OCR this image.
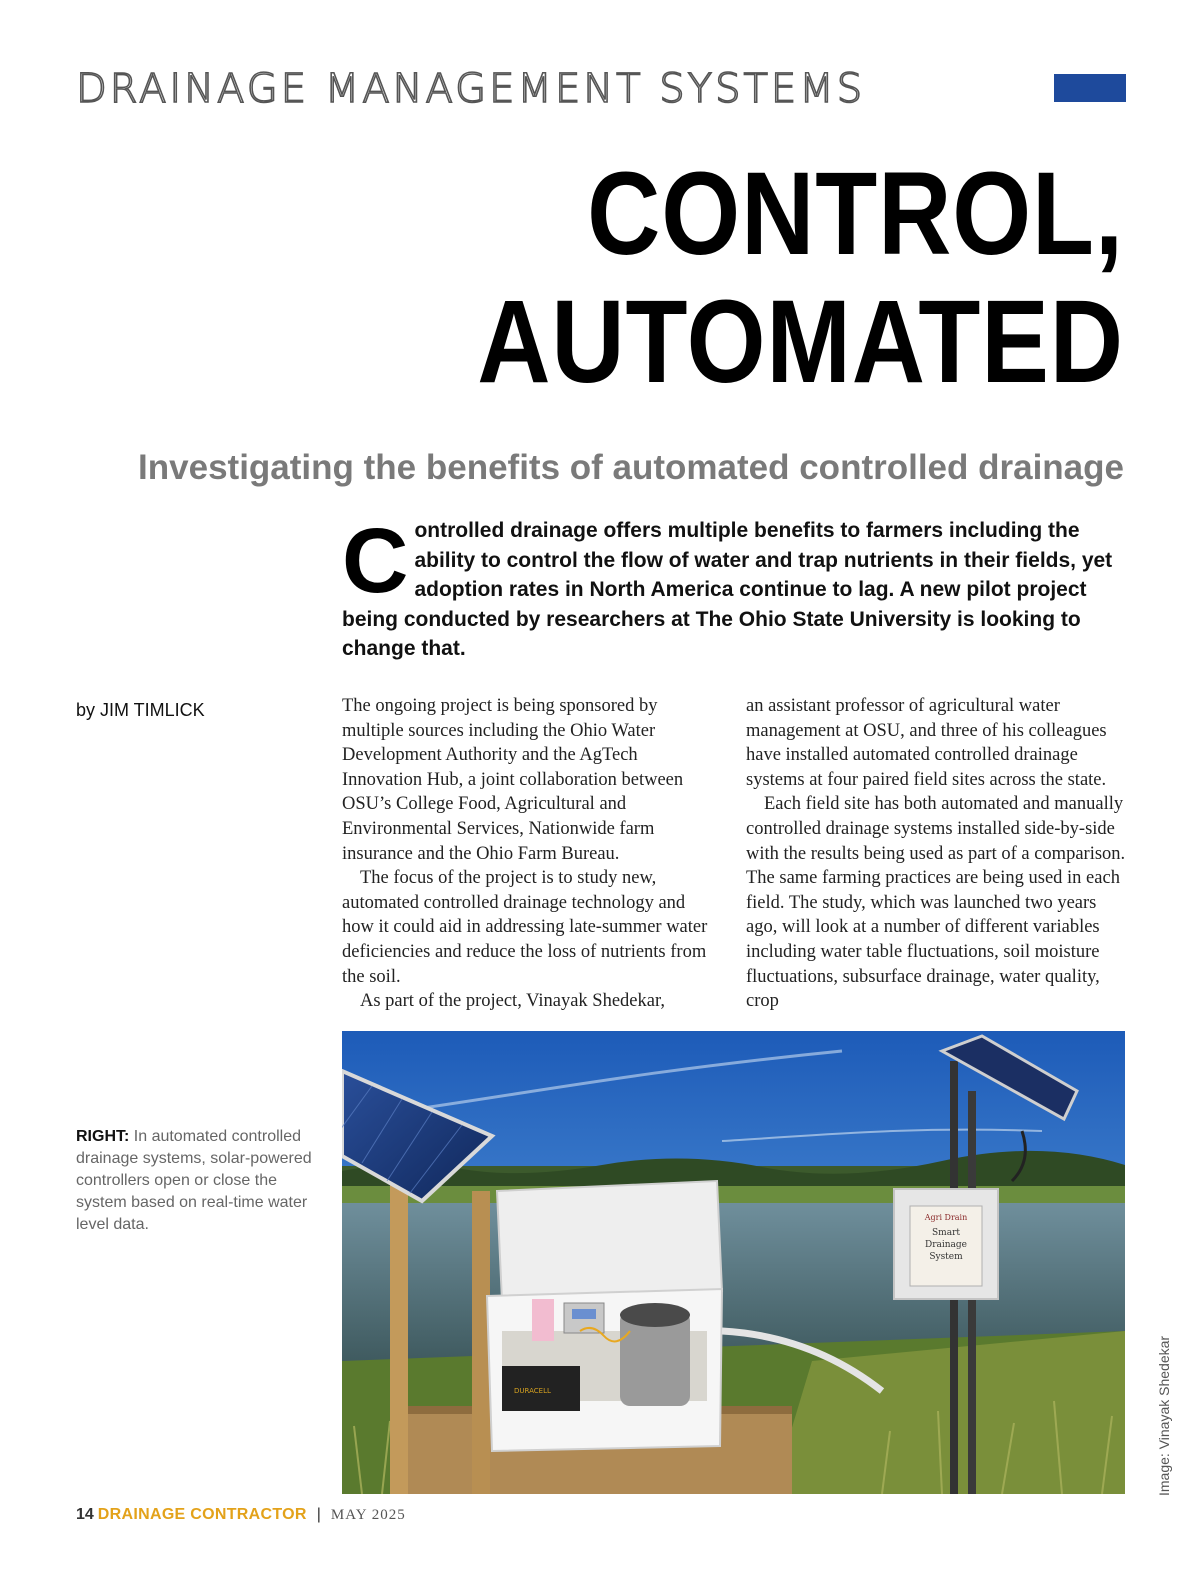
DRAINAGE MANAGEMENT SYSTEMS
CONTROL,
AUTOMATED
Investigating the benefits of automated controlled drainage
Controlled drainage offers multiple benefits to farmers including the ability to control the flow of water and trap nutrients in their fields, yet adoption rates in North America continue to lag. A new pilot project being conducted by researchers at The Ohio State University is looking to change that.
by JIM TIMLICK	The ongoing project is being sponsored by multiple sources including the Ohio Water Development Authority and the AgTech Innovation Hub, a joint collaboration between OSU’s College Food, Agricultural and Environmental Services, Nationwide farm insurance and the Ohio Farm Bureau.

The focus of the project is to study new, automated controlled drainage technology and how it could aid in addressing late-summer water deficiencies and reduce the loss of nutrients from the soil.

As part of the project, Vinayak Shedekar,

an assistant professor of agricultural water management at OSU, and three of his colleagues have installed automated controlled drainage systems at four paired field sites across the state.

Each field site has both automated and manually controlled drainage systems installed side-by-side with the results being used as part of a comparison. The same farming practices are being used in each field. The study, which was launched two years ago, will look at a number of different variables including water table fluctuations, soil moisture fluctuations, subsurface drainage, water quality, crop

RIGHT: In automated controlled drainage systems, solar-powered controllers open or close the system based on real-time water level data.
DURACELL
Agri Drain
Smart
Drainage
System
Image: Vinayak Shedekar
14 DRAINAGE CONTRACTOR | MAY 2025
